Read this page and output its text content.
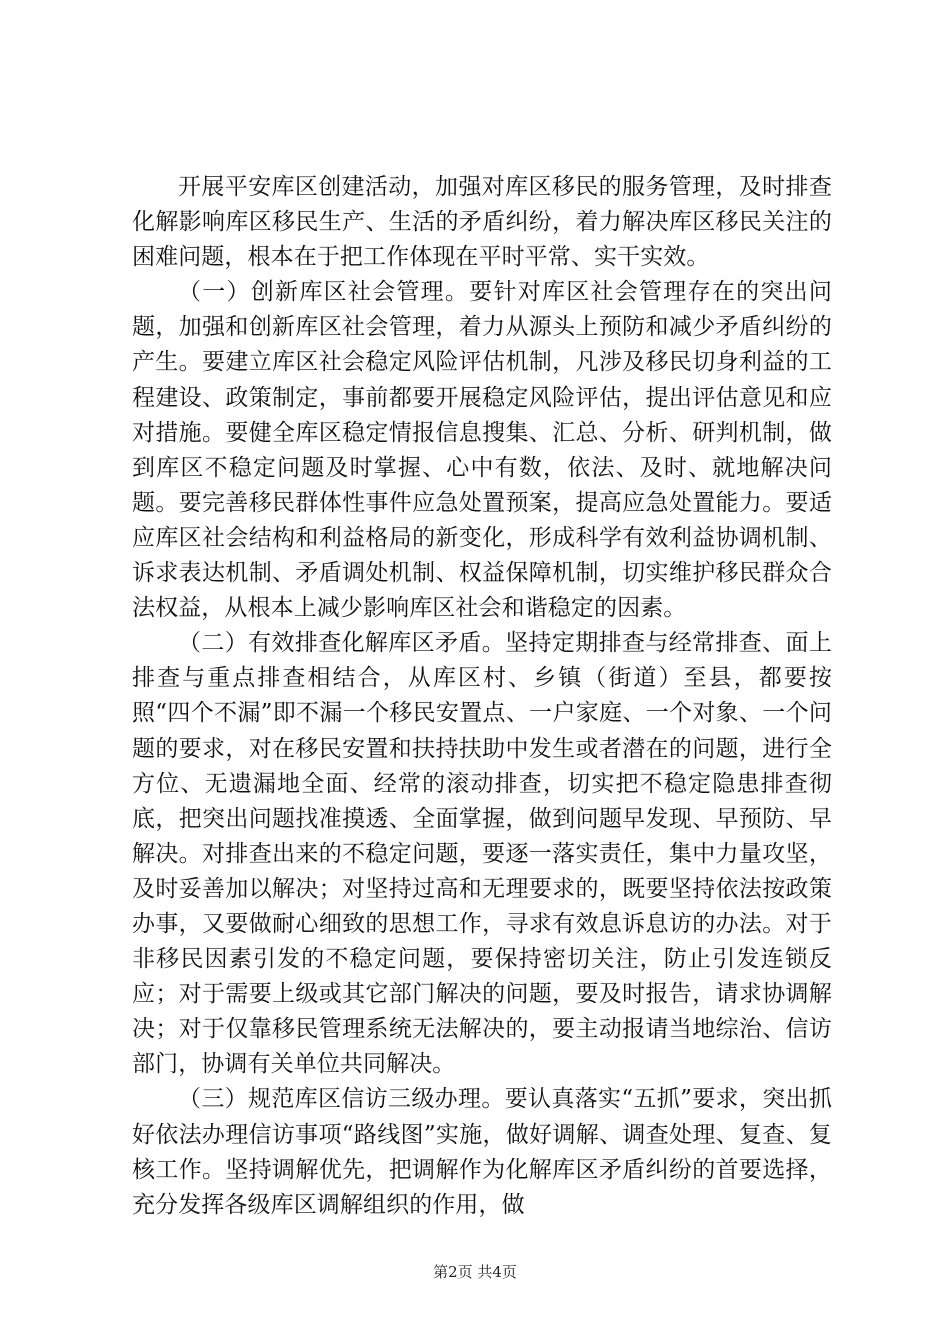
开展平安库区创建活动，加强对库区移民的服务管理，及时排查化解影响库区移民生产、生活的矛盾纠纷，着力解决库区移民关注的困难问题，根本在于把工作体现在平时平常、实干实效。

（一）创新库区社会管理。要针对库区社会管理存在的突出问题，加强和创新库区社会管理，着力从源头上预防和减少矛盾纠纷的产生。要建立库区社会稳定风险评估机制，凡涉及移民切身利益的工程建设、政策制定，事前都要开展稳定风险评估，提出评估意见和应对措施。要健全库区稳定情报信息搜集、汇总、分析、研判机制，做到库区不稳定问题及时掌握、心中有数，依法、及时、就地解决问题。要完善移民群体性事件应急处置预案，提高应急处置能力。要适应库区社会结构和利益格局的新变化，形成科学有效利益协调机制、诉求表达机制、矛盾调处机制、权益保障机制，切实维护移民群众合法权益，从根本上减少影响库区社会和谐稳定的因素。

（二）有效排查化解库区矛盾。坚持定期排查与经常排查、面上排查与重点排查相结合，从库区村、乡镇（街道）至县，都要按照“四个不漏”即不漏一个移民安置点、一户家庭、一个对象、一个问题的要求，对在移民安置和扶持扶助中发生或者潜在的问题，进行全方位、无遗漏地全面、经常的滚动排查，切实把不稳定隐患排查彻底，把突出问题找准摸透、全面掌握，做到问题早发现、早预防、早解决。对排查出来的不稳定问题，要逐一落实责任，集中力量攻坚，及时妥善加以解决；对坚持过高和无理要求的，既要坚持依法按政策办事，又要做耐心细致的思想工作，寻求有效息诉息访的办法。对于非移民因素引发的不稳定问题，要保持密切关注，防止引发连锁反应；对于需要上级或其它部门解决的问题，要及时报告，请求协调解决；对于仅靠移民管理系统无法解决的，要主动报请当地综治、信访部门，协调有关单位共同解决。

（三）规范库区信访三级办理。要认真落实“五抓”要求，突出抓好依法办理信访事项“路线图”实施，做好调解、调查处理、复查、复核工作。坚持调解优先，把调解作为化解库区矛盾纠纷的首要选择，充分发挥各级库区调解组织的作用，做

第2页 共4页
